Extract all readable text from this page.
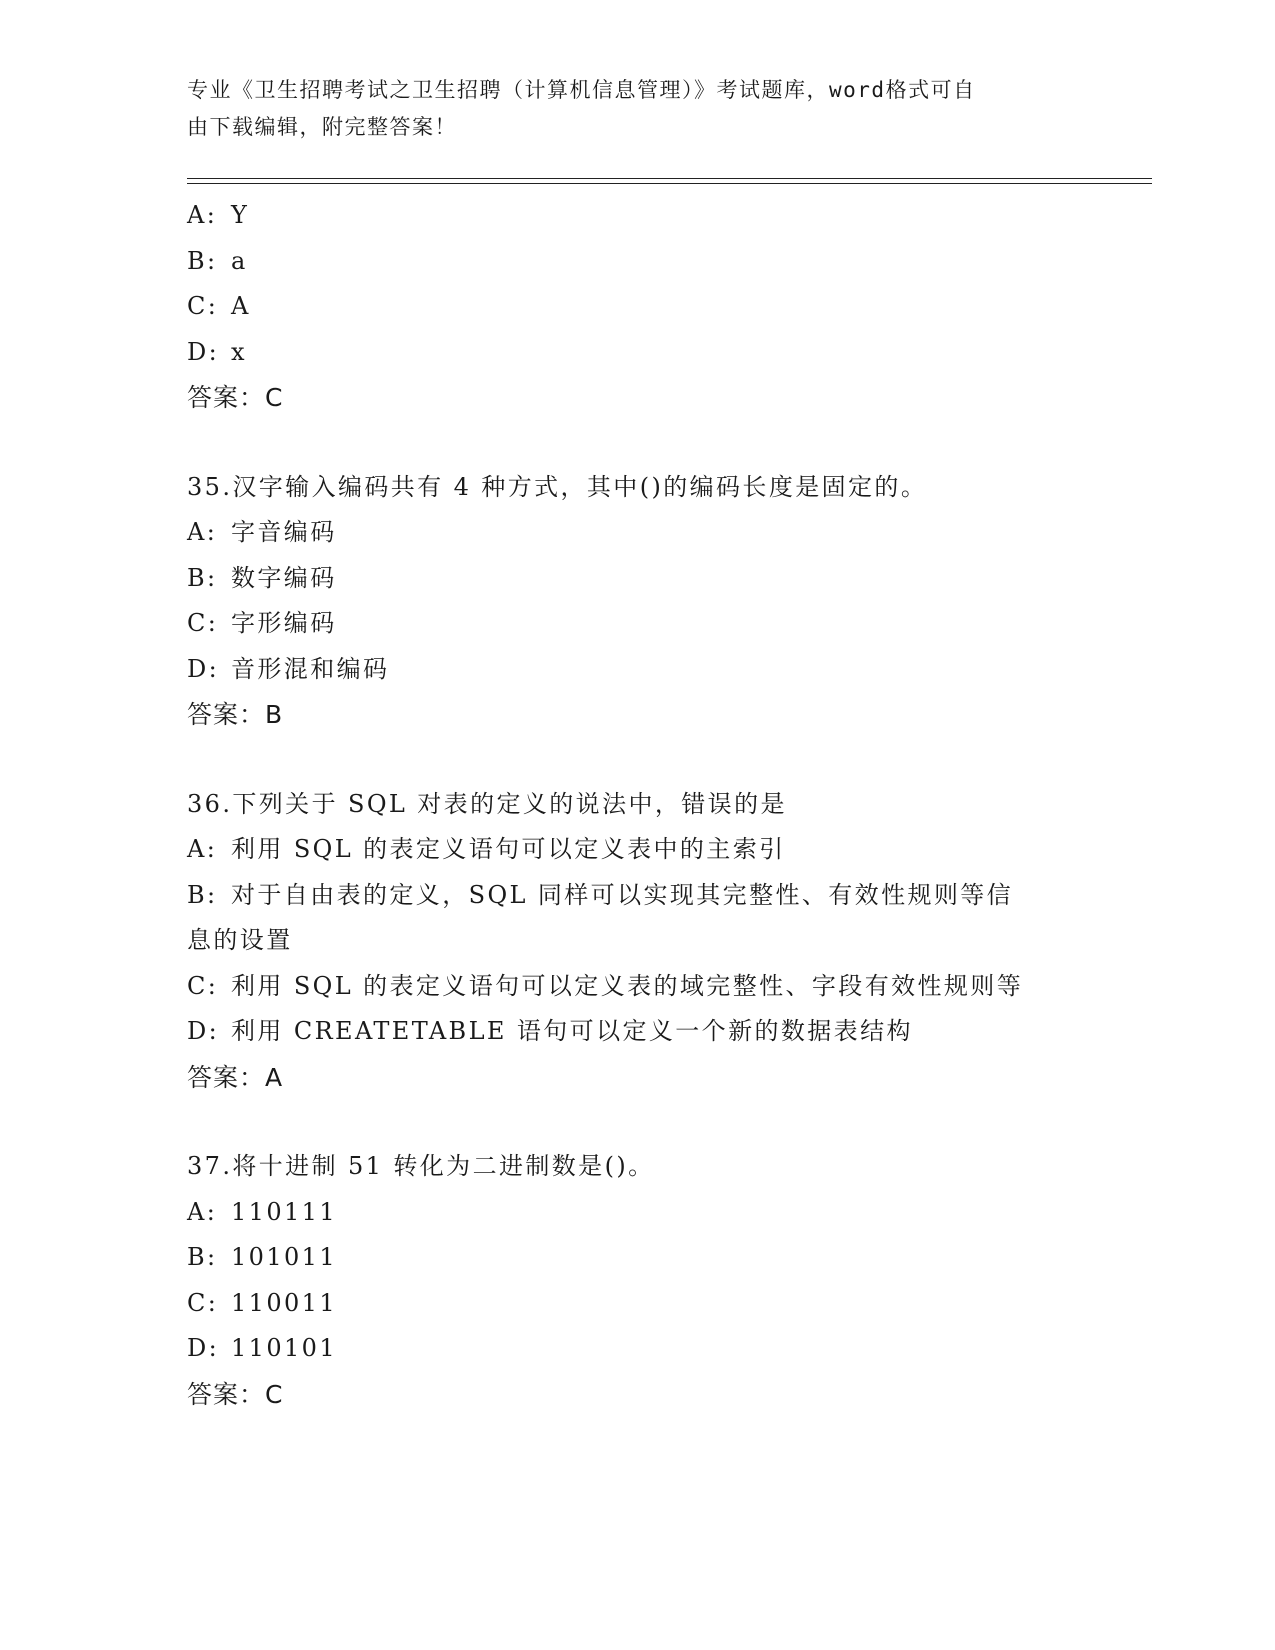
专业《卫生招聘考试之卫生招聘（计算机信息管理）》考试题库，word格式可自
由下载编辑，附完整答案！
A: Y
B: a
C: A
D: x
答案：C
35.汉字输入编码共有 4 种方式，其中()的编码长度是固定的。
A: 字音编码
B: 数字编码
C: 字形编码
D: 音形混和编码
答案：B
36.下列关于 SQL 对表的定义的说法中，错误的是
A: 利用 SQL 的表定义语句可以定义表中的主索引
B: 对于自由表的定义，SQL 同样可以实现其完整性、有效性规则等信
息的设置
C: 利用 SQL 的表定义语句可以定义表的域完整性、字段有效性规则等
D: 利用 CREATETABLE 语句可以定义一个新的数据表结构
答案：A
37.将十进制 51 转化为二进制数是()。
A: 110111
B: 101011
C: 110011
D: 110101
答案：C
